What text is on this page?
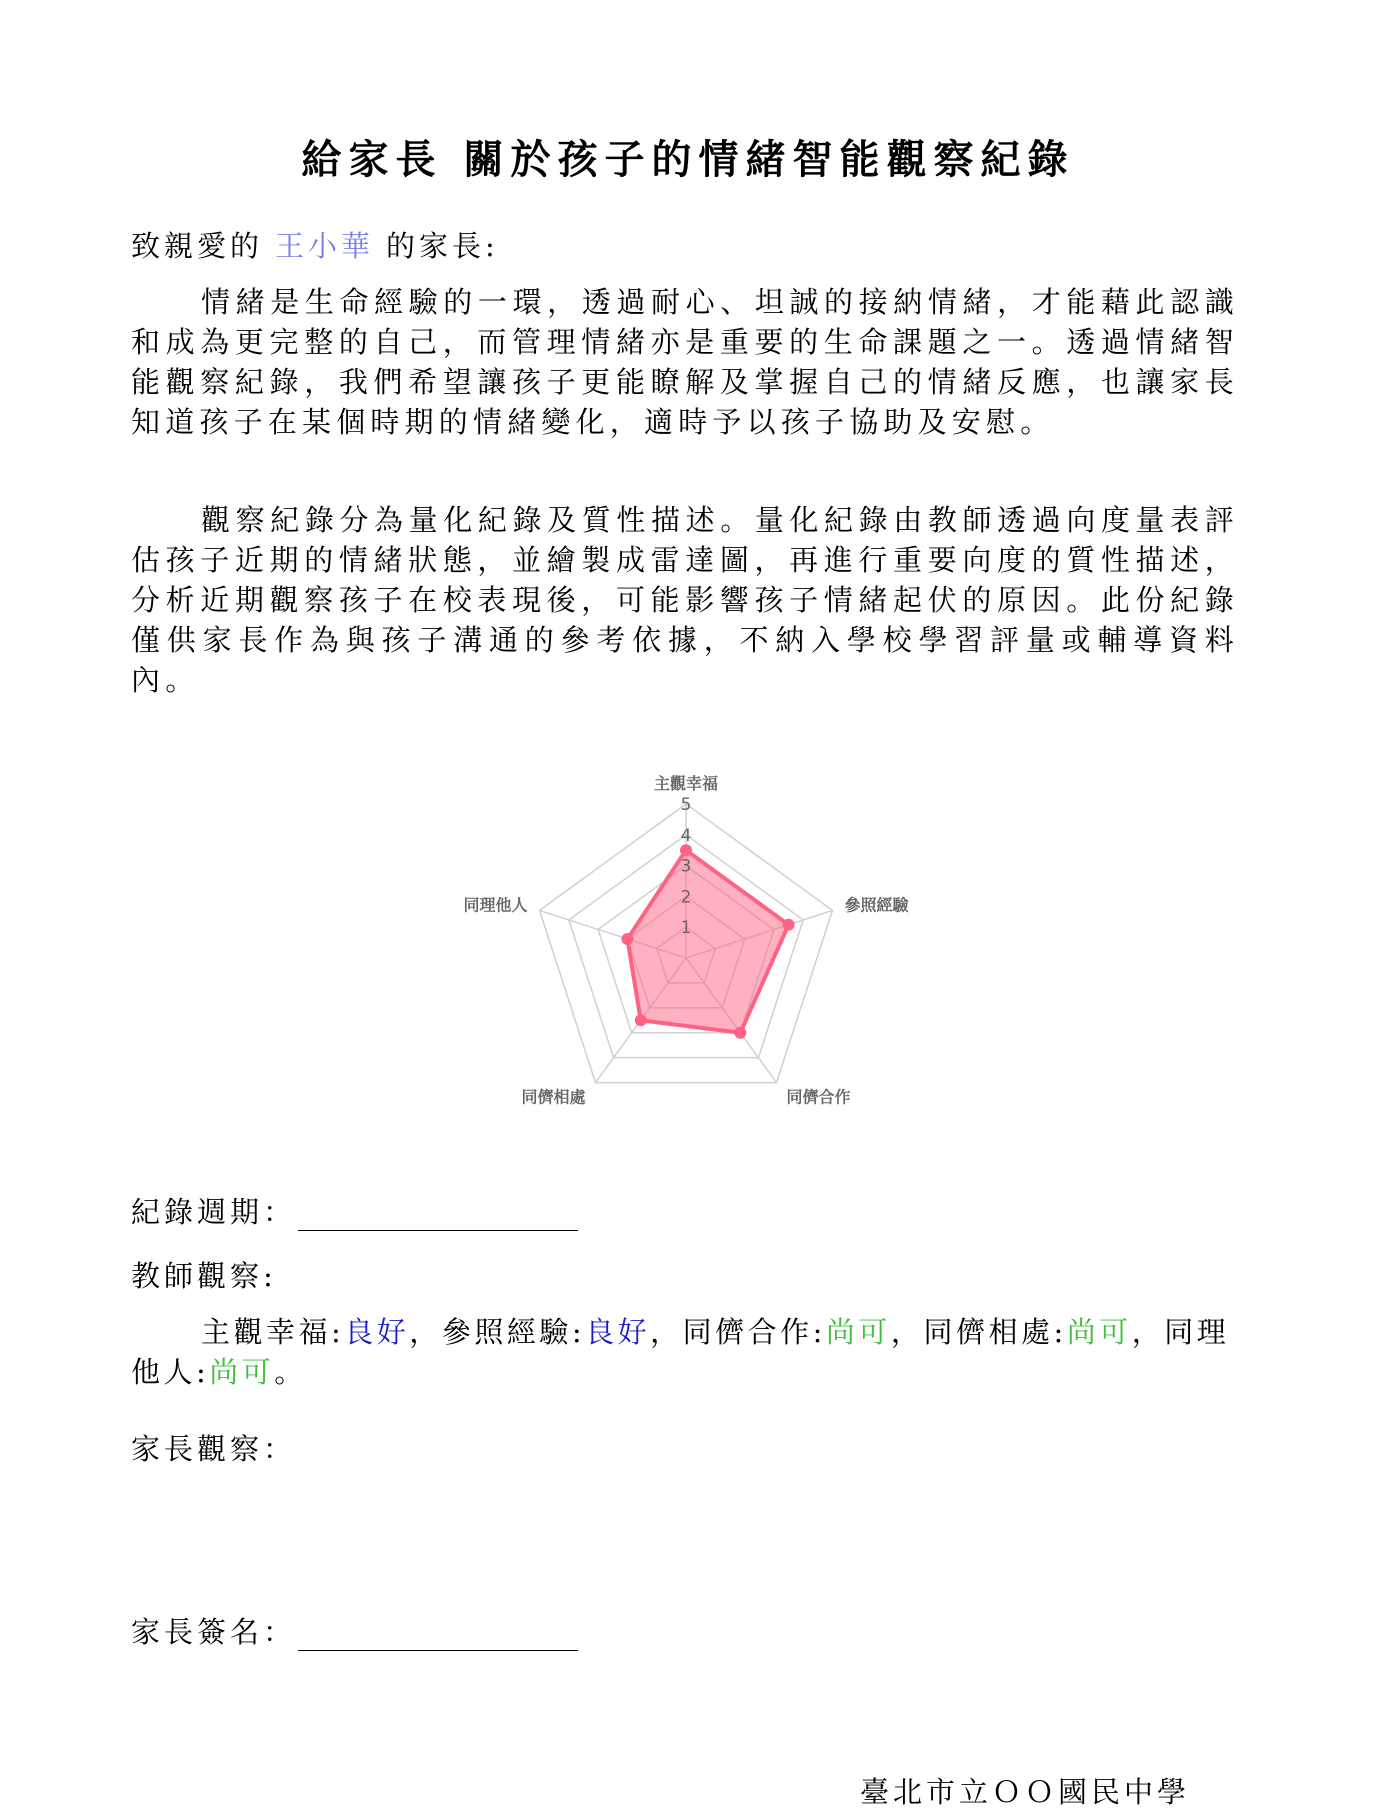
給家長 關於孩子的情緒智能觀察紀錄
致親愛的 王小華 的家長:

情緒是生命經驗的一環，透過耐心、坦誠的接納情緒，才能藉此認識和成為更完整的自己，而管理情緒亦是重要的生命課題之一。透過情緒智能觀察紀錄，我們希望讓孩子更能瞭解及掌握自己的情緒反應，也讓家長知道孩子在某個時期的情緒變化，適時予以孩子協助及安慰。

觀察紀錄分為量化紀錄及質性描述。量化紀錄由教師透過向度量表評估孩子近期的情緒狀態，並繪製成雷達圖，再進行重要向度的質性描述，分析近期觀察孩子在校表現後，可能影響孩子情緒起伏的原因。此份紀錄僅供家長作為與孩子溝通的參考依據，不納入學校學習評量或輔導資料內。

1
2
3
4
5
主觀幸福
參照經驗
同儕合作
同儕相處
同理他人
紀錄週期：
教師觀察:

主觀幸福:良好，參照經驗:良好，同儕合作:尚可，同儕相處:尚可，同理他人:尚可。

家長觀察：
家長簽名：
臺北市立ＯＯ國民中學
